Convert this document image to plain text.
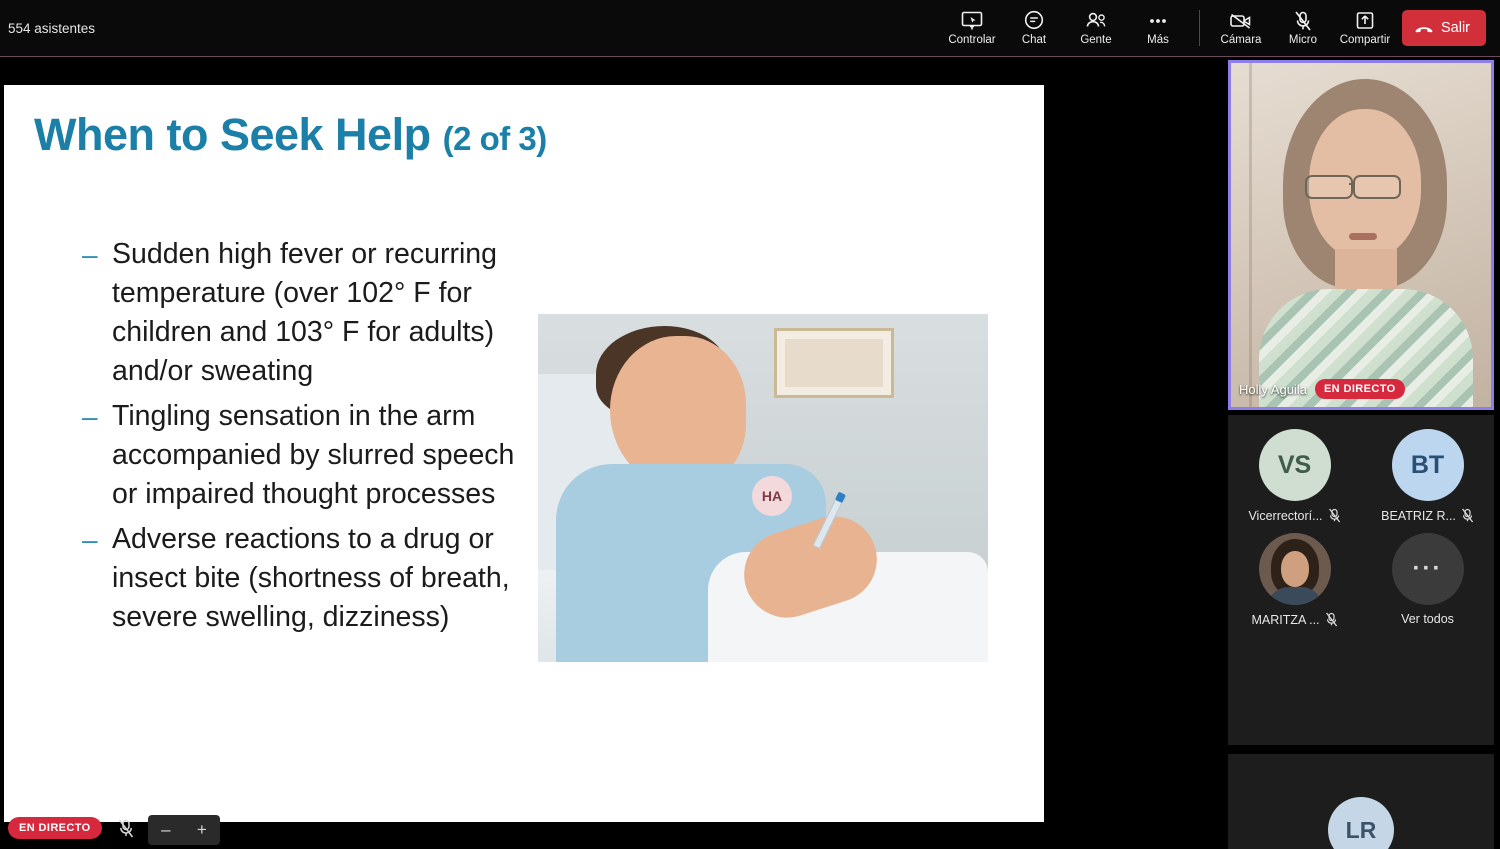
554 asistentes
Controlar Chat	Gente	Más	Cámara Micro Compartir
Salir
When to Seek Help (2 of 3)
– Sudden high fever or recurring temperature (over 102° F for children and 103° F for adults) and/or sweating
– Tingling sensation in the arm accompanied by slurred speech or impaired thought processes
– Adverse reactions to a drug or insect bite (shortness of breath, severe swelling, dizziness)
HA
EN DIRECTO	– +
Holly Aguila	EN DIRECTO
VS
Vicerrectorí...
BT
BEATRIZ R...
MARITZA ...
···
Ver todos
LR
